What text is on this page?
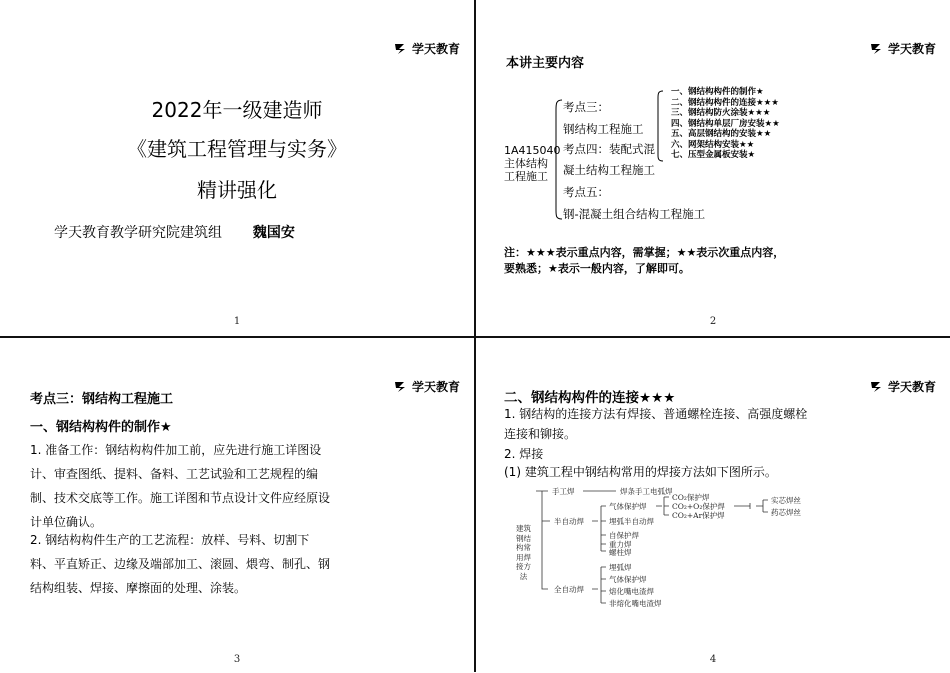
学天教育
2022年一级建造师
《建筑工程管理与实务》
精讲强化
学天教育教学研究院建筑组 魏国安
1
学天教育
本讲主要内容
1A415040
主体结构
工程施工
考点三：
钢结构工程施工
考点四：装配式混
凝土结构工程施工
考点五：
钢-混凝土组合结构工程施工
一、钢结构构件的制作★
二、钢结构构件的连接★★★
三、钢结构防火涂装★★★
四、钢结构单层厂房安装★★
五、高层钢结构的安装★★
六、网架结构安装★★
七、压型金属板安装★
注：★★★表示重点内容，需掌握；★★表示次重点内容，
要熟悉；★表示一般内容，了解即可。
2
学天教育
考点三：钢结构工程施工
一、钢结构构件的制作★
1. 准备工作：钢结构构件加工前，应先进行施工详图设计、审查图纸、提料、备料、工艺试验和工艺规程的编制、技术交底等工作。施工详图和节点设计文件应经原设计单位确认。
2. 钢结构构件生产的工艺流程：放样、号料、切割下料、平直矫正、边缘及端部加工、滚圆、煨弯、制孔、钢结构组装、焊接、摩擦面的处理、涂装。
3
学天教育
二、钢结构构件的连接★★★
1. 钢结构的连接方法有焊接、普通螺栓连接、高强度螺栓连接和铆接。
2. 焊接
(1) 建筑工程中钢结构常用的焊接方法如下图所示。
建筑
钢结
构常
用焊
接方
法
手工焊	焊条手工电弧焊
半自动焊
气体保护焊
CO₂保护焊
CO₂+O₂保护焊
CO₂+Ar保护焊
实芯焊丝
药芯焊丝
埋弧半自动焊
自保护焊
重力焊
螺柱焊
全自动焊
埋弧焊
气体保护焊
熔化嘴电渣焊
非熔化嘴电渣焊
4
